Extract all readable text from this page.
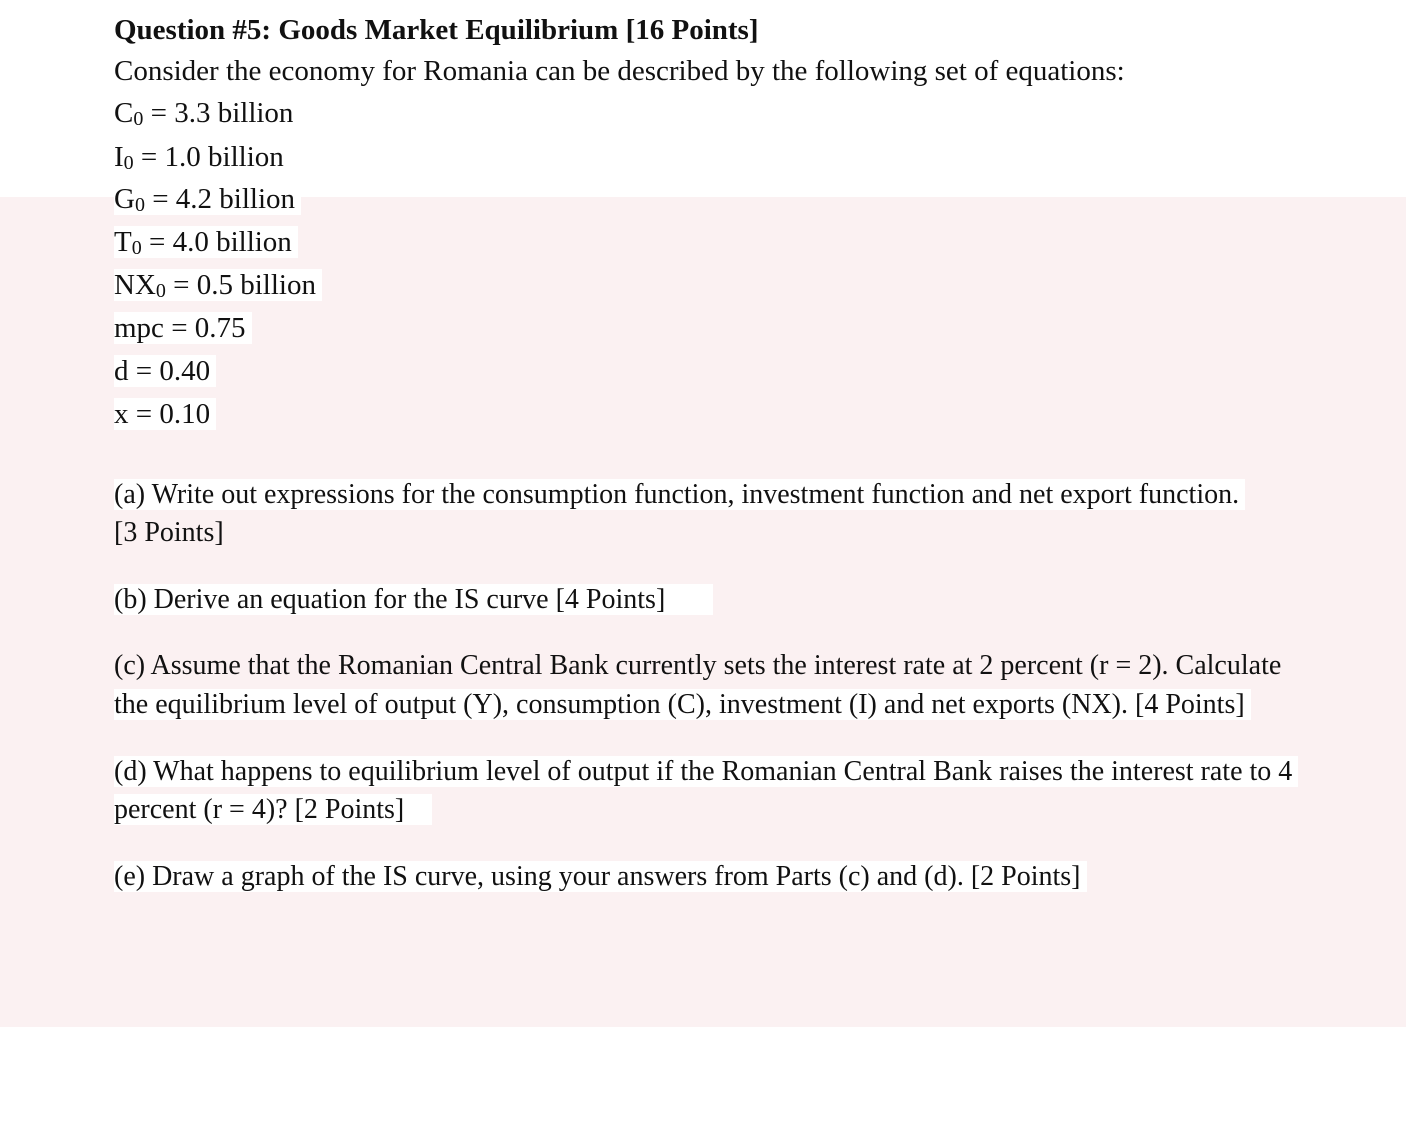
Question #5: Goods Market Equilibrium [16 Points]
Consider the economy for Romania can be described by the following set of equations:
C0 = 3.3 billion
I0 = 1.0 billion
G0 = 4.2 billion
T0 = 4.0 billion
NX0 = 0.5 billion
mpc = 0.75
d = 0.40
x = 0.10
(a) Write out expressions for the consumption function, investment function and net export function.
[3 Points]
(b) Derive an equation for the IS curve [4 Points]
(c) Assume that the Romanian Central Bank currently sets the interest rate at 2 percent (r = 2). Calculate
the equilibrium level of output (Y), consumption (C), investment (I) and net exports (NX). [4 Points]
(d) What happens to equilibrium level of output if the Romanian Central Bank raises the interest rate to 4
percent (r = 4)? [2 Points]
(e) Draw a graph of the IS curve, using your answers from Parts (c) and (d). [2 Points]
